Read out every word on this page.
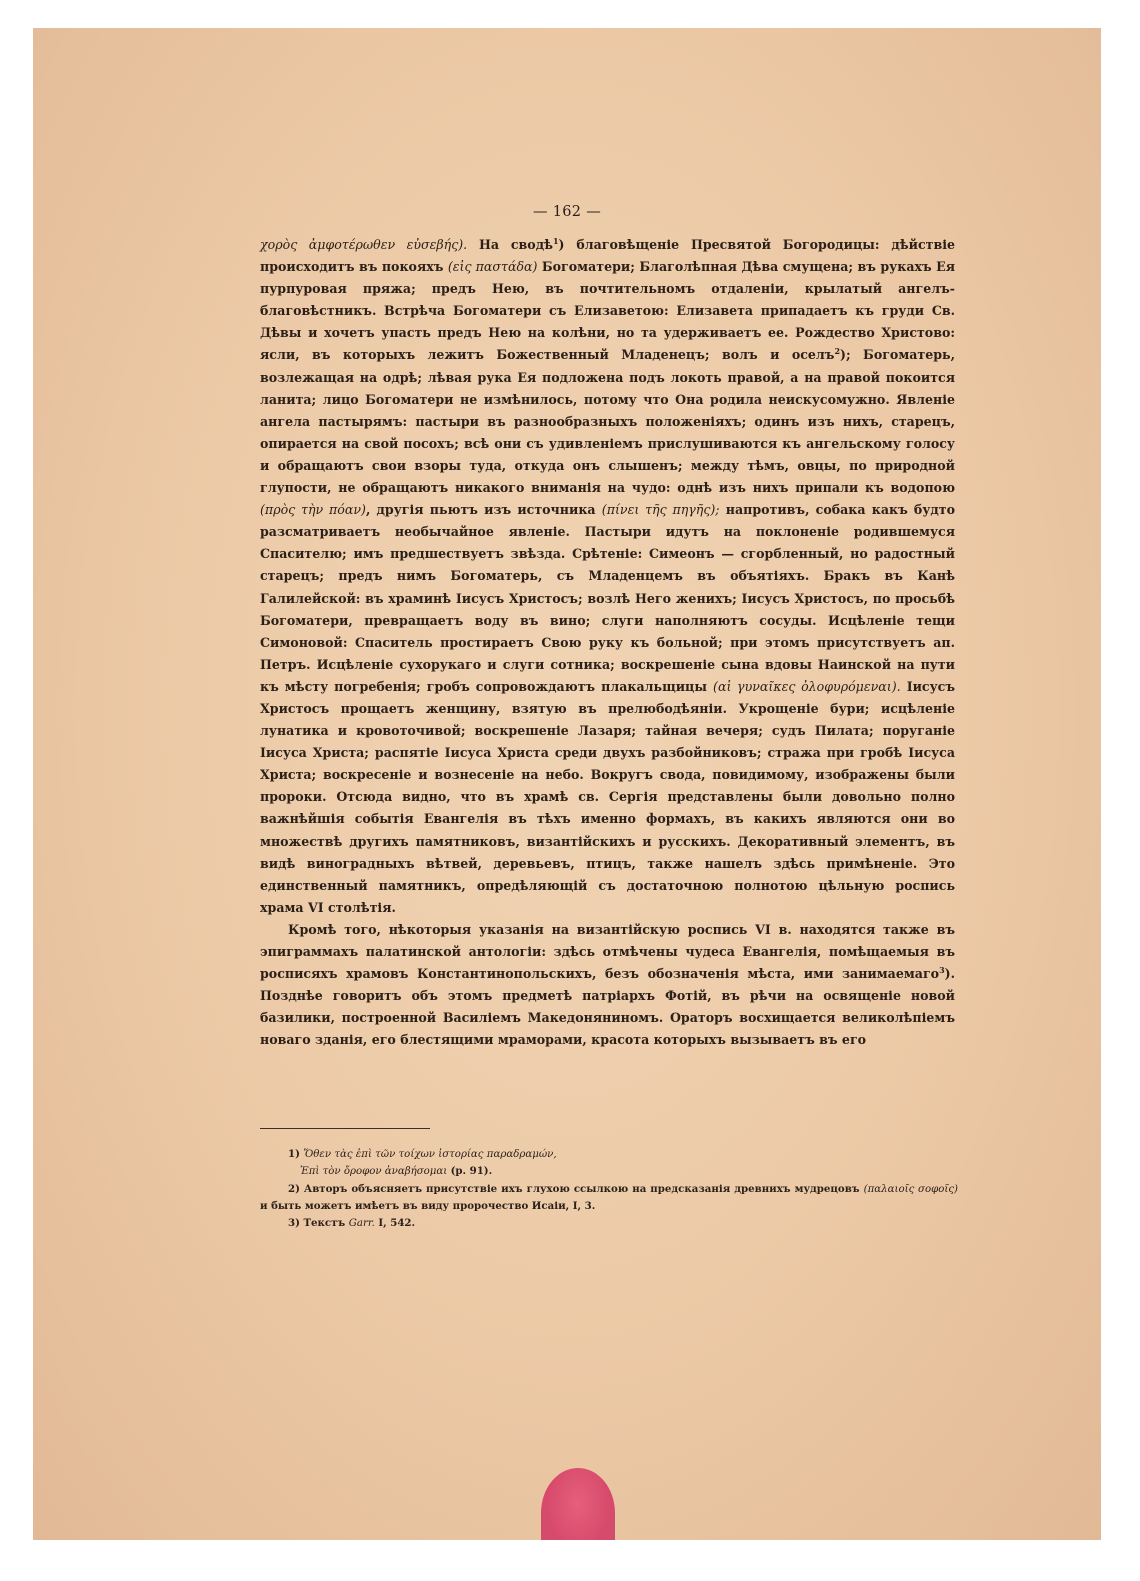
— 162 —

χορὸς ἀμφοτέρωθεν εὐσεβής). На сводѣ$^1$) благовѣщеніе Пресвятой Богородицы: дѣйствіе происходитъ въ покояхъ (εἰς παστάδα) Богоматери; Благолѣпная Дѣва смущена; въ рукахъ Ея пурпуровая пряжа; предъ Нею, въ почтительномъ отдаленіи, крылатый ангелъ-благовѣстникъ. Встрѣча Богоматери съ Елизаветою: Елизавета припадаетъ къ груди Св. Дѣвы и хочетъ упасть предъ Нею на колѣни, но та удерживаетъ ее. Рождество Христово: ясли, въ которыхъ лежитъ Божественный Младенецъ; волъ и оселъ$^2$); Богоматерь, возлежащая на одрѣ; лѣвая рука Ея подложена подъ локоть правой, а на правой покоится ланита; лицо Богоматери не измѣнилось, потому что Она родила неискусомужно. Явленіе ангела пастырямъ: пастыри въ разнообразныхъ положеніяхъ; одинъ изъ нихъ, старецъ, опирается на свой посохъ; всѣ они съ удивленіемъ прислушиваются къ ангельскому голосу и обращаютъ свои взоры туда, откуда онъ слышенъ; между тѣмъ, овцы, по природной глупости, не обращаютъ никакого вниманія на чудо: однѣ изъ нихъ припали къ водопою (πρὸς τὴν πόαν), другія пьютъ изъ источника (πίνει τῆς πηγῆς); напротивъ, собака какъ будто разсматриваетъ необычайное явленіе. Пастыри идутъ на поклоненіе родившемуся Спасителю; имъ предшествуетъ звѣзда. Срѣтеніе: Симеонъ — сгорбленный, но радостный старецъ; предъ нимъ Богоматерь, съ Младенцемъ въ объятіяхъ. Бракъ въ Канѣ Галилейской: въ храминѣ Іисусъ Христосъ; возлѣ Него женихъ; Іисусъ Христосъ, по просьбѣ Богоматери, превращаетъ воду въ вино; слуги наполняютъ сосуды. Исцѣленіе тещи Симоновой: Спаситель простираетъ Свою руку къ больной; при этомъ присутствуетъ ап. Петръ. Исцѣленіе сухорукаго и слуги сотника; воскрешеніе сына вдовы Наинской на пути къ мѣсту погребенія; гробъ сопровождаютъ плакальщицы (αἱ γυναῖκες ὀλοφυρόμεναι). Іисусъ Христосъ прощаетъ женщину, взятую въ прелюбодѣяніи. Укрощеніе бури; исцѣленіе лунатика и кровоточивой; воскрешеніе Лазаря; тайная вечеря; судъ Пилата; поруганіе Іисуса Христа; распятіе Іисуса Христа среди двухъ разбойниковъ; стража при гробѣ Іисуса Христа; воскресеніе и вознесеніе на небо. Вокругъ свода, повидимому, изображены были пророки. Отсюда видно, что въ храмѣ св. Сергія представлены были довольно полно важнѣйшія событія Евангелія въ тѣхъ именно формахъ, въ какихъ являются они во множествѣ другихъ памятниковъ, византійскихъ и русскихъ. Декоративный элементъ, въ видѣ виноградныхъ вѣтвей, деревьевъ, птицъ, также нашелъ здѣсь примѣненіе. Это единственный памятникъ, опредѣляющій съ достаточною полнотою цѣльную роспись храма VI столѣтія.

Кромѣ того, нѣкоторыя указанія на византійскую роспись VI в. находятся также въ эпиграммахъ палатинской антологіи: здѣсь отмѣчены чудеса Евангелія, помѣщаемыя въ росписяхъ храмовъ Константинопольскихъ, безъ обозначенія мѣста, ими занимаемаго$^3$). Позднѣе говоритъ объ этомъ предметѣ патріархъ Фотій, въ рѣчи на освященіе новой базилики, построенной Василіемъ Македоняниномъ. Ораторъ восхищается великолѣпіемъ новаго зданія, его блестящими мраморами, красота которыхъ вызываетъ въ его

1) Ὅθεν τὰς ἐπὶ τῶν τοίχων ἱστορίας παραδραμών,

Ἐπὶ τὸν ὄροφον ἀναβήσομαι (p. 91).

2) Авторъ объясняетъ присутствіе ихъ глухою ссылкою на предсказанія древнихъ мудрецовъ (παλαιοῖς σοφοῖς) и быть можетъ имѣетъ въ виду пророчество Исаіи, I, 3.

3) Текстъ Garr. I, 542.
